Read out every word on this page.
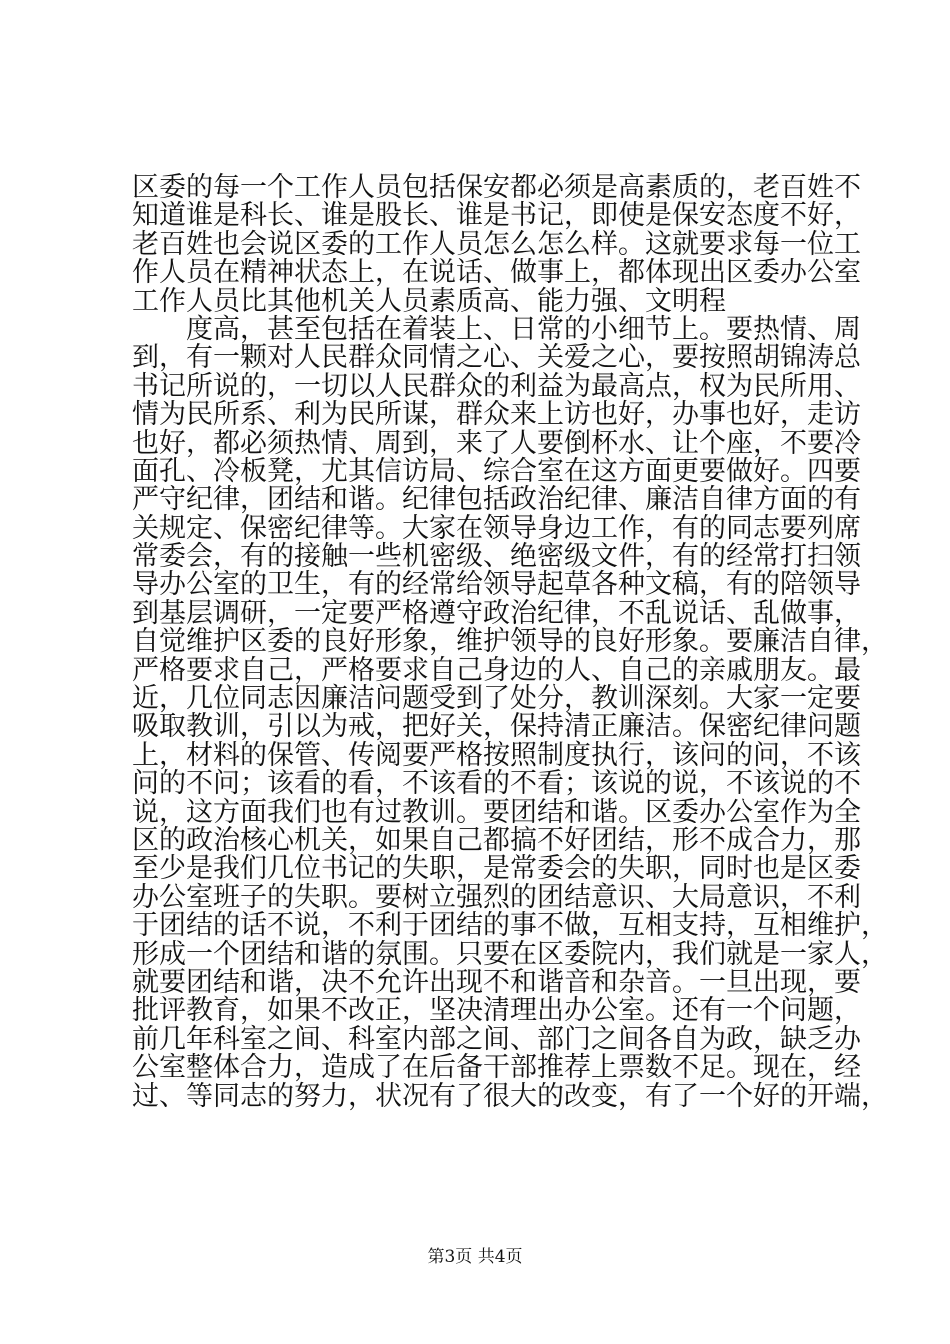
区委的每一个工作人员包括保安都必须是高素质的，老百姓不
知道谁是科长、谁是股长、谁是书记，即使是保安态度不好，
老百姓也会说区委的工作人员怎么怎么样。这就要求每一位工
作人员在精神状态上，在说话、做事上，都体现出区委办公室
工作人员比其他机关人员素质高、能力强、文明程
度高，甚至包括在着装上、日常的小细节上。要热情、周
到，有一颗对人民群众同情之心、关爱之心，要按照胡锦涛总
书记所说的，一切以人民群众的利益为最高点，权为民所用、
情为民所系、利为民所谋，群众来上访也好，办事也好，走访
也好，都必须热情、周到，来了人要倒杯水、让个座，不要冷
面孔、冷板凳，尤其信访局、综合室在这方面更要做好。四要
严守纪律，团结和谐。纪律包括政治纪律、廉洁自律方面的有
关规定、保密纪律等。大家在领导身边工作，有的同志要列席
常委会，有的接触一些机密级、绝密级文件，有的经常打扫领
导办公室的卫生，有的经常给领导起草各种文稿，有的陪领导
到基层调研，一定要严格遵守政治纪律，不乱说话、乱做事，
自觉维护区委的良好形象，维护领导的良好形象。要廉洁自律，
严格要求自己，严格要求自己身边的人、自己的亲戚朋友。最
近，几位同志因廉洁问题受到了处分，教训深刻。大家一定要
吸取教训，引以为戒，把好关，保持清正廉洁。保密纪律问题
上，材料的保管、传阅要严格按照制度执行，该问的问，不该
问的不问；该看的看，不该看的不看；该说的说，不该说的不
说，这方面我们也有过教训。要团结和谐。区委办公室作为全
区的政治核心机关，如果自己都搞不好团结，形不成合力，那
至少是我们几位书记的失职，是常委会的失职，同时也是区委
办公室班子的失职。要树立强烈的团结意识、大局意识，不利
于团结的话不说，不利于团结的事不做，互相支持，互相维护，
形成一个团结和谐的氛围。只要在区委院内，我们就是一家人，
就要团结和谐，决不允许出现不和谐音和杂音。一旦出现，要
批评教育，如果不改正，坚决清理出办公室。还有一个问题，
前几年科室之间、科室内部之间、部门之间各自为政，缺乏办
公室整体合力，造成了在后备干部推荐上票数不足。现在，经
过、等同志的努力，状况有了很大的改变，有了一个好的开端，
第3页 共4页
